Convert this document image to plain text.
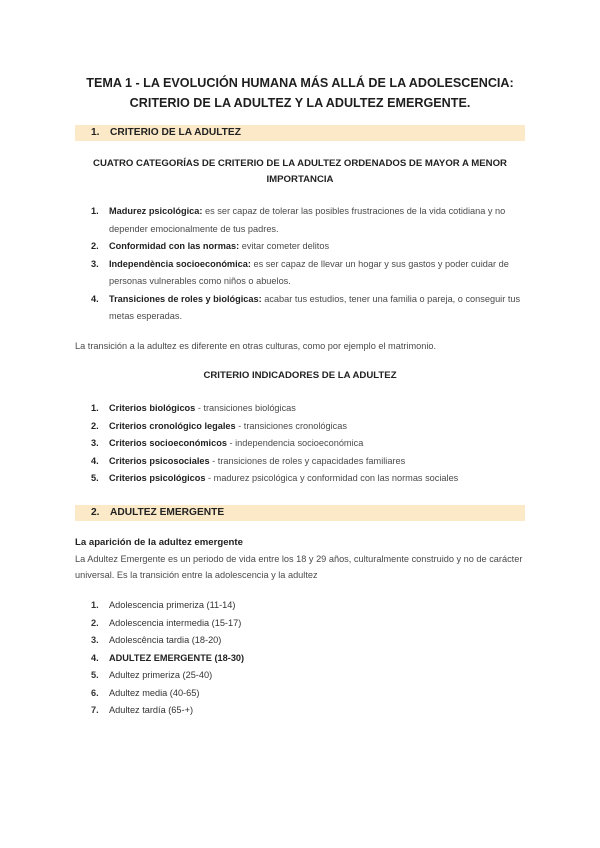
TEMA 1 - LA EVOLUCIÓN HUMANA MÁS ALLÁ DE LA ADOLESCENCIA:
CRITERIO DE LA ADULTEZ Y LA ADULTEZ EMERGENTE.
1. CRITERIO DE LA ADULTEZ
CUATRO CATEGORÍAS DE CRITERIO DE LA ADULTEZ ORDENADOS DE MAYOR A MENOR
IMPORTANCIA
1. Madurez psicológica: es ser capaz de tolerar las posibles frustraciones de la vida cotidiana y no depender emocionalmente de tus padres.
2. Conformidad con las normas: evitar cometer delitos
3. Independència socioeconómica: es ser capaz de llevar un hogar y sus gastos y poder cuidar de personas vulnerables como niños o abuelos.
4. Transiciones de roles y biológicas: acabar tus estudios, tener una familia o pareja, o conseguir tus metas esperadas.
La transición a la adultez es diferente en otras culturas, como por ejemplo el matrimonio.
CRITERIO INDICADORES DE LA ADULTEZ
1. Criterios biológicos - transiciones biológicas
2. Criterios cronológico legales - transiciones cronológicas
3. Criterios socioeconómicos - independencia socioeconómica
4. Criterios psicosociales - transiciones de roles y capacidades familiares
5. Criterios psicológicos - madurez psicológica y conformidad con las normas sociales
2. ADULTEZ EMERGENTE
La aparición de la adultez emergente
La Adultez Emergente es un periodo de vida entre los 18 y 29 años, culturalmente construido y no de carácter universal. Es la transición entre la adolescencia y la adultez
1. Adolescencia primeriza (11-14)
2. Adolescencia intermedia (15-17)
3. Adolescência tardia (18-20)
4. ADULTEZ EMERGENTE (18-30)
5. Adultez primeriza (25-40)
6. Adultez media (40-65)
7. Adultez tardía (65-+)
